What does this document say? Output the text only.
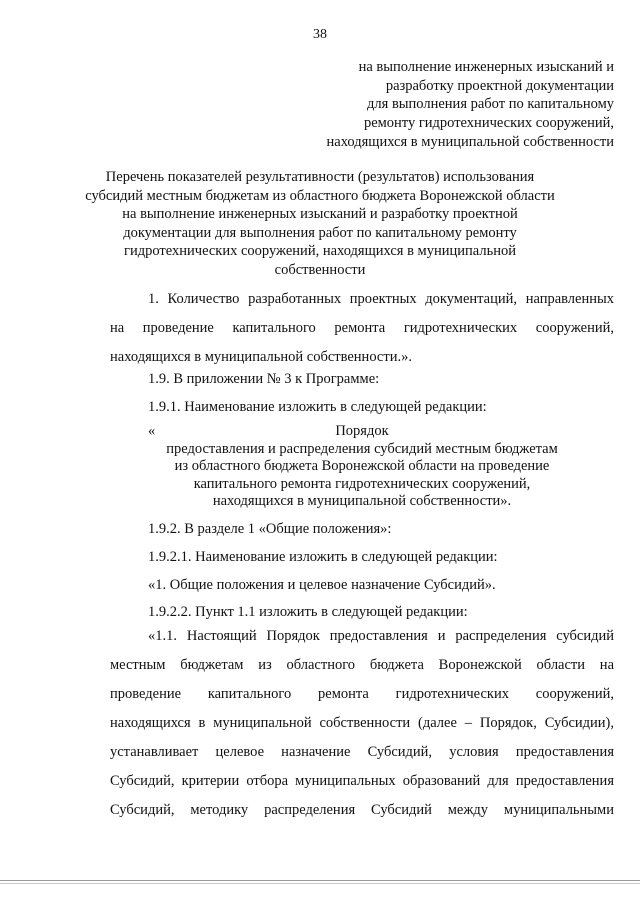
38
на выполнение инженерных изысканий и
разработку проектной документации
для выполнения работ по капитальному
ремонту гидротехнических сооружений,
находящихся в муниципальной собственности
Перечень показателей результативности (результатов) использования
субсидий местным бюджетам из областного бюджета Воронежской области
на выполнение инженерных изысканий и разработку проектной
документации для выполнения работ по капитальному ремонту
гидротехнических сооружений, находящихся в муниципальной
собственности
1. Количество разработанных проектных документаций, направленных
на проведение капитального ремонта гидротехнических сооружений,
находящихся в муниципальной собственности.».
1.9. В приложении № 3 к Программе:
1.9.1. Наименование изложить в следующей редакции:
«	Порядок
предоставления и распределения субсидий местным бюджетам
из областного бюджета Воронежской области на проведение
капитального ремонта гидротехнических сооружений,
находящихся в муниципальной собственности».
1.9.2. В разделе 1 «Общие положения»:
1.9.2.1. Наименование изложить в следующей редакции:
«1. Общие положения и целевое назначение Субсидий».
1.9.2.2. Пункт 1.1 изложить в следующей редакции:
«1.1. Настоящий Порядок предоставления и распределения субсидий
местным бюджетам из областного бюджета Воронежской области на
проведение капитального ремонта гидротехнических сооружений,
находящихся в муниципальной собственности (далее – Порядок, Субсидии),
устанавливает целевое назначение Субсидий, условия предоставления
Субсидий, критерии отбора муниципальных образований для предоставления
Субсидий, методику распределения Субсидий между муниципальными
